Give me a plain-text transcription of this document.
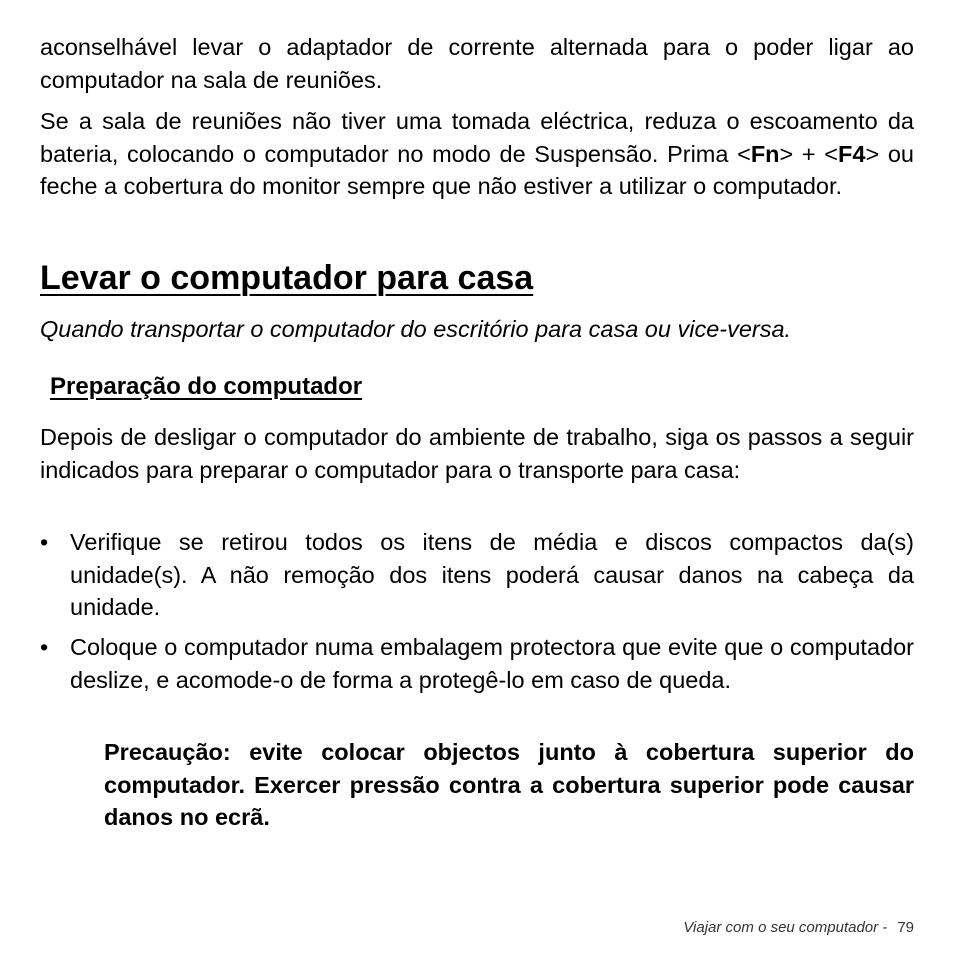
aconselhável levar o adaptador de corrente alternada para o poder ligar ao computador na sala de reuniões.

Se a sala de reuniões não tiver uma tomada eléctrica, reduza o escoamento da bateria, colocando o computador no modo de Suspensão. Prima <Fn> + <F4> ou feche a cobertura do monitor sempre que não estiver a utilizar o computador.

Levar o computador para casa

Quando transportar o computador do escritório para casa ou vice-versa.

Preparação do computador

Depois de desligar o computador do ambiente de trabalho, siga os passos a seguir indicados para preparar o computador para o transporte para casa:

• Verifique se retirou todos os itens de média e discos compactos da(s) unidade(s). A não remoção dos itens poderá causar danos na cabeça da unidade.
• Coloque o computador numa embalagem protectora que evite que o computador deslize, e acomode-o de forma a protegê-lo em caso de queda.

Precaução: evite colocar objectos junto à cobertura superior do computador. Exercer pressão contra a cobertura superior pode causar danos no ecrã.

Viajar com o seu computador - 79
